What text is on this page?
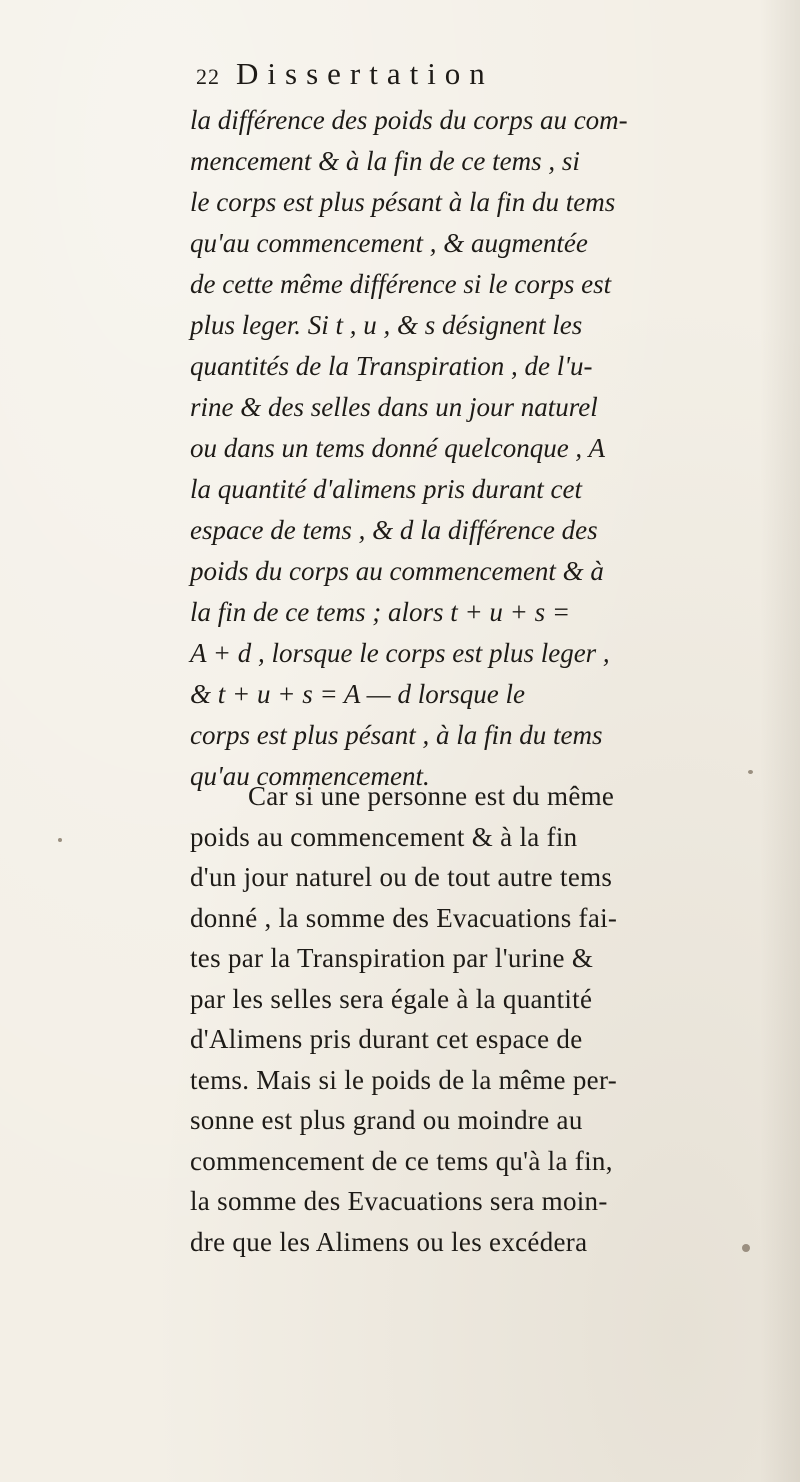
22 Dissertation
la différence des poids du corps au com-
mencement & à la fin de ce tems , si
le corps est plus pésant à la fin du tems
qu'au commencement , & augmentée
de cette même différence si le corps est
plus leger. Si t , u , & s désignent les
quantités de la Transpiration , de l'u-
rine & des selles dans un jour naturel
ou dans un tems donné quelconque , A
la quantité d'alimens pris durant cet
espace de tems , & d la différence des
poids du corps au commencement & à
la fin de ce tems ; alors t + u + s =
A + d , lorsque le corps est plus leger ,
& t + u + s = A — d lorsque le
corps est plus pésant , à la fin du tems
qu'au commencement.
Car si une personne est du même
poids au commencement & à la fin
d'un jour naturel ou de tout autre tems
donné , la somme des Evacuations fai-
tes par la Transpiration par l'urine &
par les selles sera égale à la quantité
d'Alimens pris durant cet espace de
tems. Mais si le poids de la même per-
sonne est plus grand ou moindre au
commencement de ce tems qu'à la fin,
la somme des Evacuations sera moin-
dre que les Alimens ou les excédera
